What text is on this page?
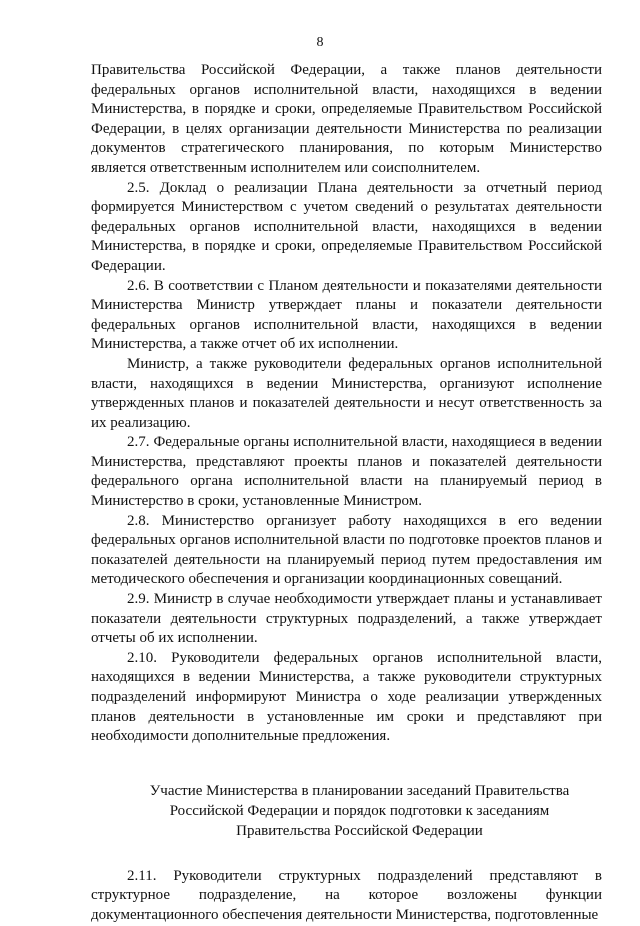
8

Правительства Российской Федерации, а также планов деятельности федеральных органов исполнительной власти, находящихся в ведении Министерства, в порядке и сроки, определяемые Правительством Российской Федерации, в целях организации деятельности Министерства по реализации документов стратегического планирования, по которым Министерство является ответственным исполнителем или соисполнителем.

2.5. Доклад о реализации Плана деятельности за отчетный период формируется Министерством с учетом сведений о результатах деятельности федеральных органов исполнительной власти, находящихся в ведении Министерства, в порядке и сроки, определяемые Правительством Российской Федерации.

2.6. В соответствии с Планом деятельности и показателями деятельности Министерства Министр утверждает планы и показатели деятельности федеральных органов исполнительной власти, находящихся в ведении Министерства, а также отчет об их исполнении.

Министр, а также руководители федеральных органов исполнительной власти, находящихся в ведении Министерства, организуют исполнение утвержденных планов и показателей деятельности и несут ответственность за их реализацию.

2.7. Федеральные органы исполнительной власти, находящиеся в ведении Министерства, представляют проекты планов и показателей деятельности федерального органа исполнительной власти на планируемый период в Министерство в сроки, установленные Министром.

2.8. Министерство организует работу находящихся в его ведении федеральных органов исполнительной власти по подготовке проектов планов и показателей деятельности на планируемый период путем предоставления им методического обеспечения и организации координационных совещаний.

2.9. Министр в случае необходимости утверждает планы и устанавливает показатели деятельности структурных подразделений, а также утверждает отчеты об их исполнении.

2.10. Руководители федеральных органов исполнительной власти, находящихся в ведении Министерства, а также руководители структурных подразделений информируют Министра о ходе реализации утвержденных планов деятельности в установленные им сроки и представляют при необходимости дополнительные предложения.

Участие Министерства в планировании заседаний Правительства
Российской Федерации и порядок подготовки к заседаниям
Правительства Российской Федерации

2.11. Руководители структурных подразделений представляют в структурное подразделение, на которое возложены функции документационного обеспечения деятельности Министерства, подготовленные
